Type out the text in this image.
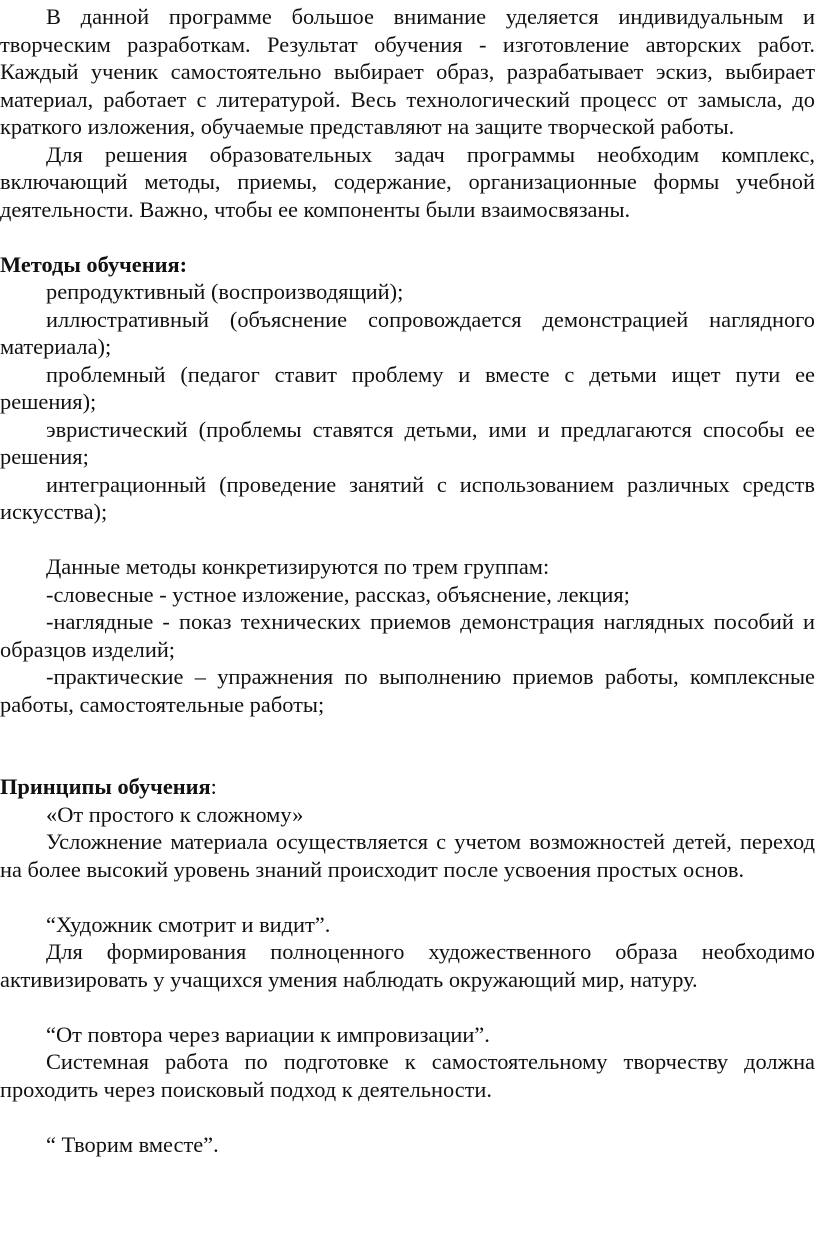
В данной программе большое внимание уделяется индивидуальным и творческим разработкам. Результат обучения - изготовление авторских работ. Каждый ученик самостоятельно выбирает образ, разрабатывает эскиз, выбирает материал, работает с литературой. Весь технологический процесс от замысла, до краткого изложения, обучаемые представляют на защите творческой работы.

Для решения образовательных задач программы необходим комплекс, включающий методы, приемы, содержание, организационные формы учебной деятельности. Важно, чтобы ее компоненты были взаимосвязаны.

Методы обучения:

репродуктивный (воспроизводящий);

иллюстративный (объяснение сопровождается демонстрацией наглядного материала);

проблемный (педагог ставит проблему и вместе с детьми ищет пути ее решения);

эвристический (проблемы ставятся детьми, ими и предлагаются способы ее решения;

интеграционный (проведение занятий с использованием различных средств искусства);

Данные методы конкретизируются по трем группам:

-словесные - устное изложение, рассказ, объяснение, лекция;

-наглядные - показ технических приемов демонстрация наглядных пособий и образцов изделий;

-практические – упражнения по выполнению приемов работы, комплексные работы, самостоятельные работы;

Принципы обучения:

«От простого к сложному»

Усложнение материала осуществляется с учетом возможностей детей, переход на более высокий уровень знаний происходит после усвоения простых основ.

“Художник смотрит и видит”.

Для формирования полноценного художественного образа необходимо активизировать у учащихся умения наблюдать окружающий мир, натуру.

“От повтора через вариации к импровизации”.

Системная работа по подготовке к самостоятельному творчеству должна проходить через поисковый подход к деятельности.

“ Творим вместе”.
